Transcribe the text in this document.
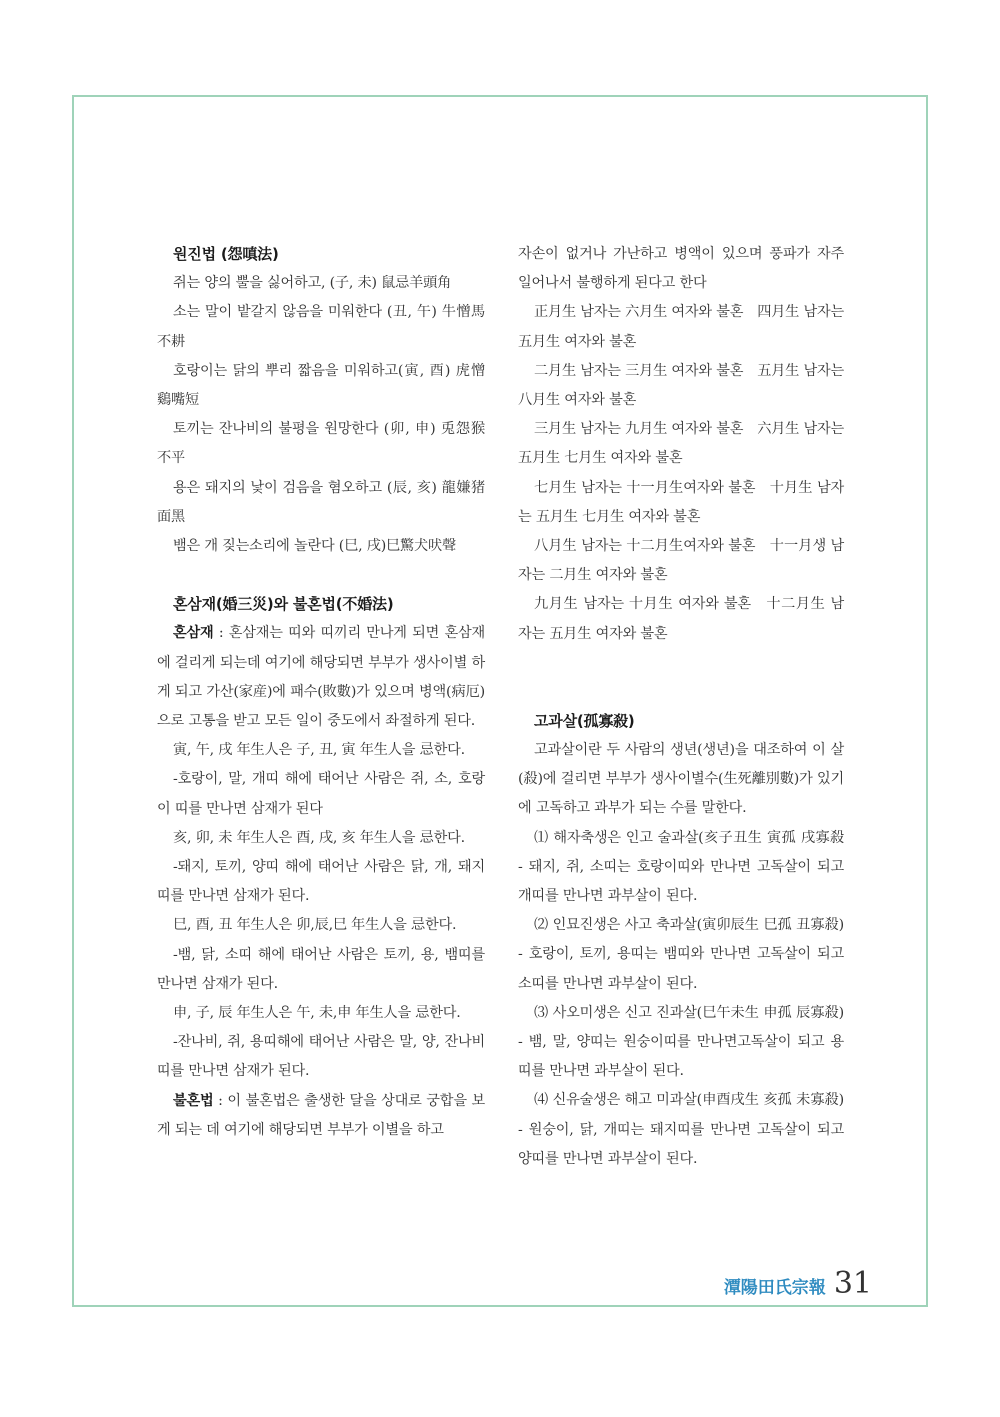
원진법 (怨嗔法)

쥐는 양의 뿔을 싫어하고, (子, 未) 鼠忌羊頭角

소는 말이 밭갈지 않음을 미워한다 (丑, 午) 牛憎馬不耕

호랑이는 닭의 뿌리 짧음을 미워하고(寅, 酉) 虎憎鷄嘴短

토끼는 잔나비의 불평을 원망한다 (卯, 申) 兎怨猴不平

용은 돼지의 낯이 검음을 혐오하고 (辰, 亥) 龍嫌猪面黑

뱀은 개 짖는소리에 놀란다 (巳, 戌)巳驚犬吠聲

혼삼재(婚三災)와 불혼법(不婚法)

혼삼재 : 혼삼재는 띠와 띠끼리 만나게 되면 혼삼재에 걸리게 되는데 여기에 해당되면 부부가 생사이별 하게 되고 가산(家産)에 패수(敗數)가 있으며 병액(病厄)으로 고통을 받고 모든 일이 중도에서 좌절하게 된다.

寅, 午, 戌 年生人은 子, 丑, 寅 年生人을 忌한다.

-호랑이, 말, 개띠 해에 태어난 사람은 쥐, 소, 호랑 이 띠를 만나면 삼재가 된다

亥, 卯, 未 年生人은 酉, 戌, 亥 年生人을 忌한다.

-돼지, 토끼, 양띠 해에 태어난 사람은 닭, 개, 돼지띠를 만나면 삼재가 된다.

巳, 酉, 丑 年生人은 卯,辰,巳 年生人을 忌한다.

-뱀, 닭, 소띠 해에 태어난 사람은 토끼, 용, 뱀띠를 만나면 삼재가 된다.

申, 子, 辰 年生人은 午, 未,申 年生人을 忌한다.

-잔나비, 쥐, 용띠해에 태어난 사람은 말, 양, 잔나비띠를 만나면 삼재가 된다.

불혼법 : 이 불혼법은 출생한 달을 상대로 궁합을 보게 되는 데 여기에 해당되면 부부가 이별을 하고

자손이 없거나 가난하고 병액이 있으며 풍파가 자주 일어나서 불행하게 된다고 한다

正月生 남자는 六月生 여자와 불혼　四月生 남자는 五月生 여자와 불혼

二月生 남자는 三月生 여자와 불혼　五月生 남자는 八月生 여자와 불혼

三月生 남자는 九月生 여자와 불혼　六月生 남자는 五月生 七月生 여자와 불혼

七月生 남자는 十一月生여자와 불혼　十月生 남자는 五月生 七月生 여자와 불혼

八月生 남자는 十二月生여자와 불혼　十一月생 남자는 二月生 여자와 불혼

九月生 남자는 十月生 여자와 불혼　十二月生 남자는 五月生 여자와 불혼

고과살(孤寡殺)

고과살이란 두 사람의 생년(생년)을 대조하여 이 살(殺)에 걸리면 부부가 생사이별수(生死離別數)가 있기에 고독하고 과부가 되는 수를 말한다.

⑴ 해자축생은 인고 술과살(亥子丑生 寅孤 戌寡殺 - 돼지, 쥐, 소띠는 호랑이띠와 만나면 고독살이 되고 개띠를 만나면 과부살이 된다.

⑵ 인묘진생은 사고 축과살(寅卯辰生 巳孤 丑寡殺) - 호랑이, 토끼, 용띠는 뱀띠와 만나면 고독살이 되고 소띠를 만나면 과부살이 된다.

⑶ 사오미생은 신고 진과살(巳午未生 申孤 辰寡殺) - 뱀, 말, 양띠는 원숭이띠를 만나면고독살이 되고 용띠를 만나면 과부살이 된다.

⑷ 신유술생은 해고 미과살(申酉戌生 亥孤 未寡殺) - 원숭이, 닭, 개띠는 돼지띠를 만나면 고독살이 되고 양띠를 만나면 과부살이 된다.

潭陽田氏宗報 31
